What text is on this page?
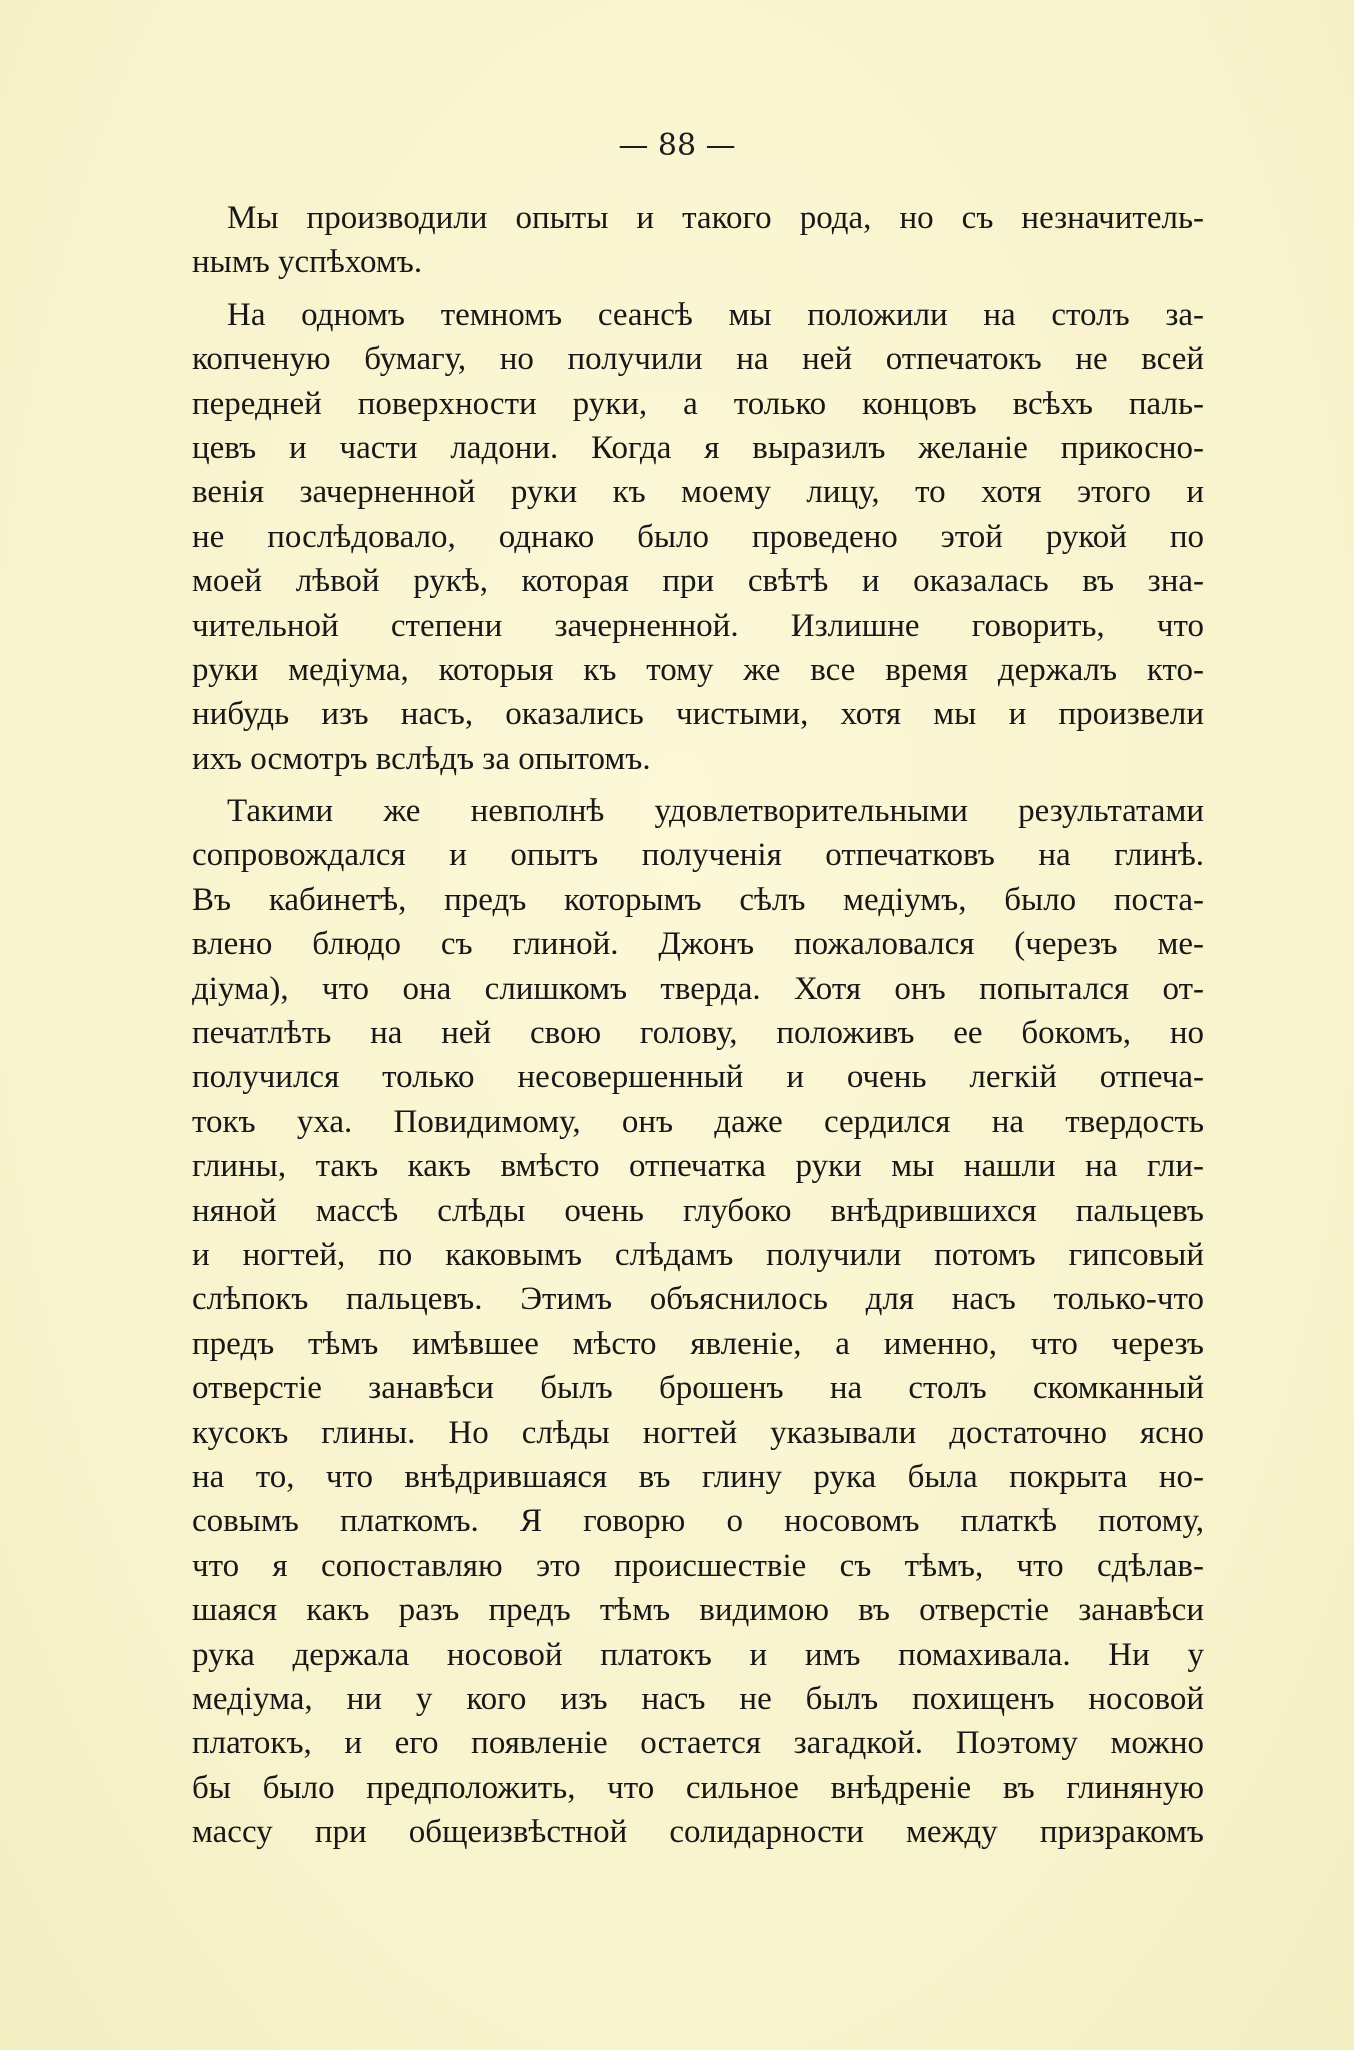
— 88 —
Мы производили опыты и такого рода, но съ незначитель-
нымъ успѣхомъ.
На одномъ темномъ сеансѣ мы положили на столъ за-
копченую бумагу, но получили на ней отпечатокъ не всей
передней поверхности руки, а только концовъ всѣхъ паль-
цевъ и части ладони. Когда я выразилъ желанiе прикосно-
венiя зачерненной руки къ моему лицу, то хотя этого и
не послѣдовало, однако было проведено этой рукой по
моей лѣвой рукѣ, которая при свѣтѣ и оказалась въ зна-
чительной степени зачерненной. Излишне говорить, что
руки медiума, которыя къ тому же все время держалъ кто-
нибудь изъ насъ, оказались чистыми, хотя мы и произвели
ихъ осмотръ вслѣдъ за опытомъ.
Такими же невполнѣ удовлетворительными результатами
сопровождался и опытъ полученiя отпечатковъ на глинѣ.
Въ кабинетѣ, предъ которымъ сѣлъ медiумъ, было поста-
влено блюдо съ глиной. Джонъ пожаловался (черезъ ме-
дiума), что она слишкомъ тверда. Хотя онъ попытался от-
печатлѣть на ней свою голову, положивъ ее бокомъ, но
получился только несовершенный и очень легкiй отпеча-
токъ уха. Повидимому, онъ даже сердился на твердость
глины, такъ какъ вмѣсто отпечатка руки мы нашли на гли-
няной массѣ слѣды очень глубоко внѣдрившихся пальцевъ
и ногтей, по каковымъ слѣдамъ получили потомъ гипсовый
слѣпокъ пальцевъ. Этимъ объяснилось для насъ только-что
предъ тѣмъ имѣвшее мѣсто явленiе, а именно, что черезъ
отверстiе занавѣси былъ брошенъ на столъ скомканный
кусокъ глины. Но слѣды ногтей указывали достаточно ясно
на то, что внѣдрившаяся въ глину рука была покрыта но-
совымъ платкомъ. Я говорю о носовомъ платкѣ потому,
что я сопоставляю это происшествiе съ тѣмъ, что сдѣлав-
шаяся какъ разъ предъ тѣмъ видимою въ отверстiе занавѣси
рука держала носовой платокъ и имъ помахивала. Ни у
медiума, ни у кого изъ насъ не былъ похищенъ носовой
платокъ, и его появленiе остается загадкой. Поэтому можно
бы было предположить, что сильное внѣдренiе въ глиняную
массу при общеизвѣстной солидарности между призракомъ
